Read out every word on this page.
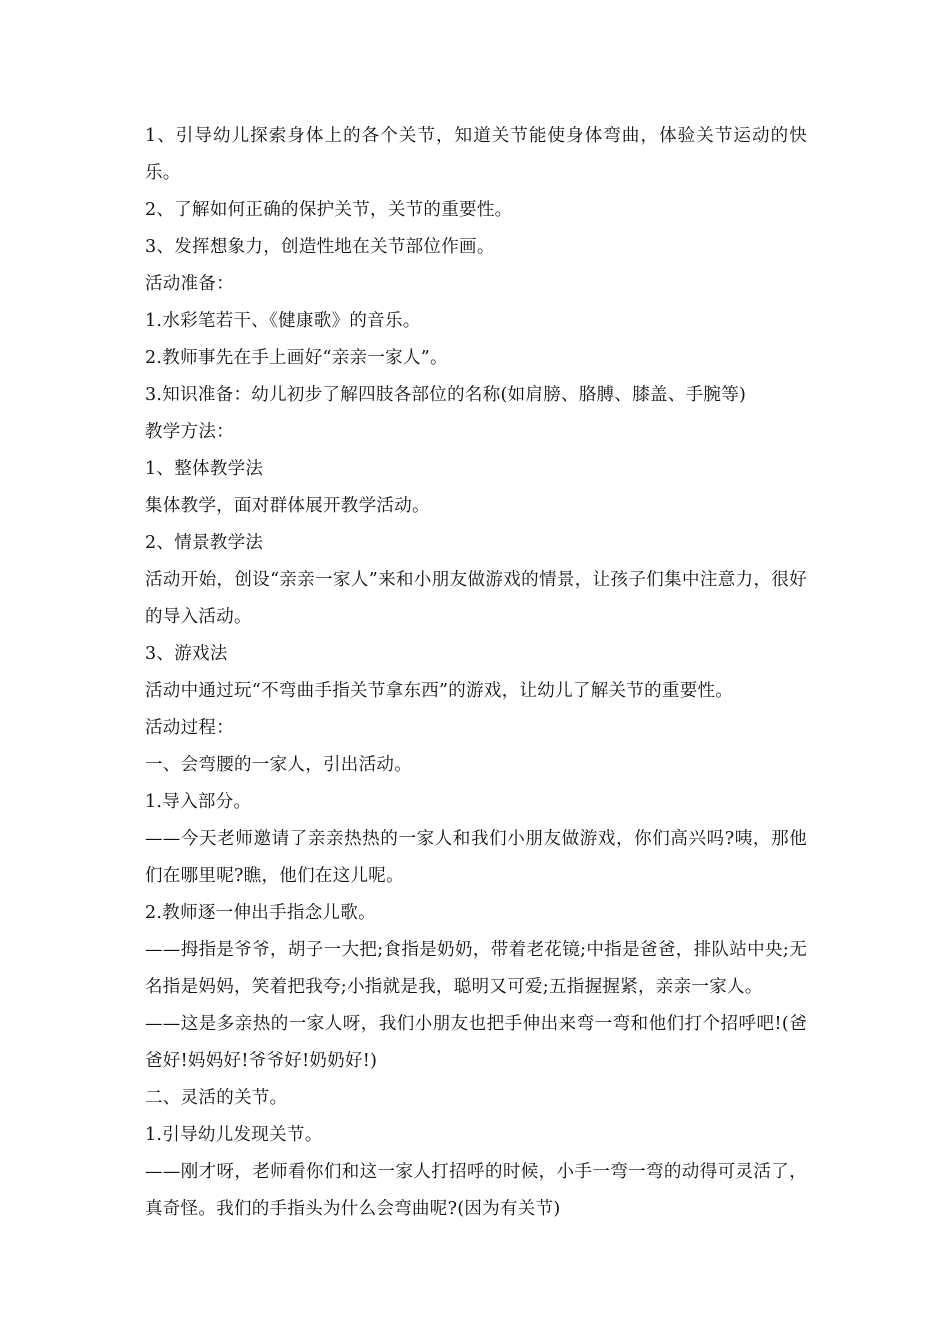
1、引导幼儿探索身体上的各个关节，知道关节能使身体弯曲，体验关节运动的快乐。

2、了解如何正确的保护关节，关节的重要性。

3、发挥想象力，创造性地在关节部位作画。

活动准备：

1.水彩笔若干、《健康歌》的音乐。

2.教师事先在手上画好“亲亲一家人”。

3.知识准备：幼儿初步了解四肢各部位的名称(如肩膀、胳膊、膝盖、手腕等)

教学方法：

1、整体教学法

集体教学，面对群体展开教学活动。

2、情景教学法

活动开始，创设“亲亲一家人”来和小朋友做游戏的情景，让孩子们集中注意力，很好的导入活动。

3、游戏法

活动中通过玩“不弯曲手指关节拿东西”的游戏，让幼儿了解关节的重要性。

活动过程：

一、会弯腰的一家人，引出活动。

1.导入部分。

——今天老师邀请了亲亲热热的一家人和我们小朋友做游戏，你们高兴吗?咦，那他们在哪里呢?瞧，他们在这儿呢。

2.教师逐一伸出手指念儿歌。

——拇指是爷爷，胡子一大把;食指是奶奶，带着老花镜;中指是爸爸，排队站中央;无名指是妈妈，笑着把我夸;小指就是我，聪明又可爱;五指握握紧，亲亲一家人。

——这是多亲热的一家人呀，我们小朋友也把手伸出来弯一弯和他们打个招呼吧!(爸爸好!妈妈好!爷爷好!奶奶好!)

二、灵活的关节。

1.引导幼儿发现关节。

——刚才呀，老师看你们和这一家人打招呼的时候，小手一弯一弯的动得可灵活了，真奇怪。我们的手指头为什么会弯曲呢?(因为有关节)
